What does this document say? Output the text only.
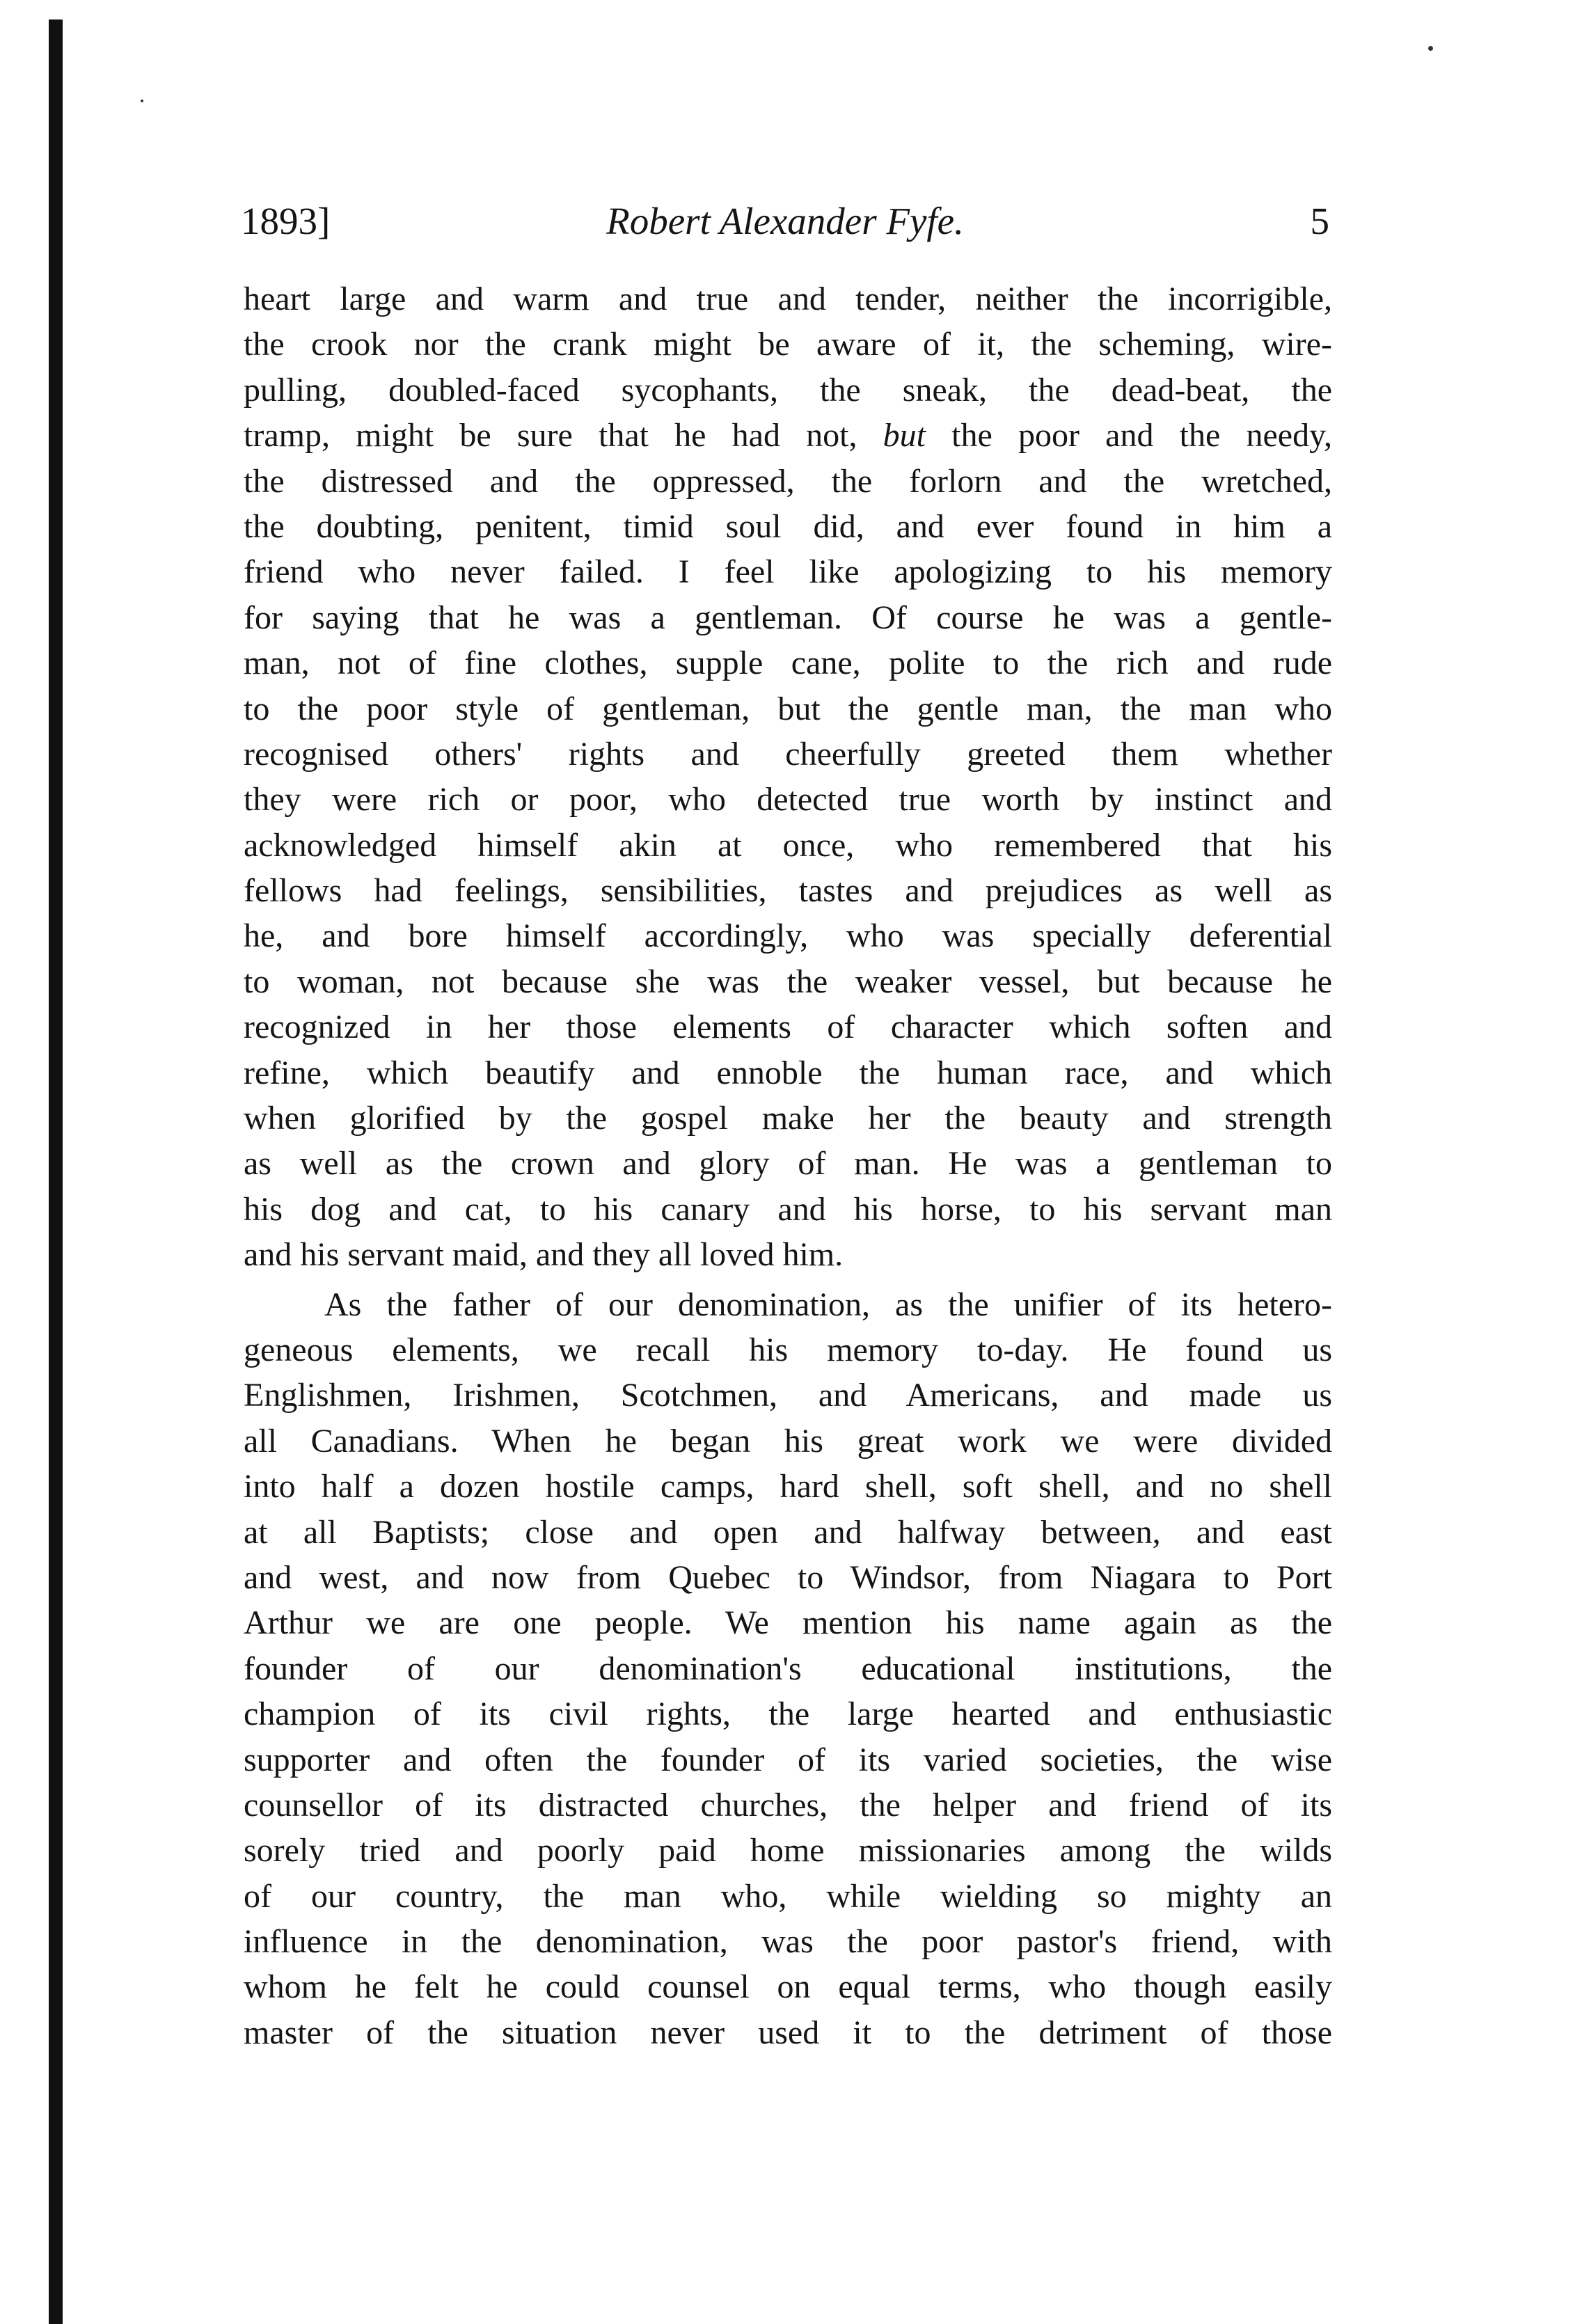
1893]	Robert Alexander Fyfe.	5
heart large and warm and true and tender, neither the incorrigible,
the crook nor the crank might be aware of it, the scheming, wire-
pulling, doubled-faced sycophants, the sneak, the dead-beat, the
tramp, might be sure that he had not, but the poor and the needy,
the distressed and the oppressed, the forlorn and the wretched,
the doubting, penitent, timid soul did, and ever found in him a
friend who never failed. I feel like apologizing to his memory
for saying that he was a gentleman. Of course he was a gentle-
man, not of fine clothes, supple cane, polite to the rich and rude
to the poor style of gentleman, but the gentle man, the man who
recognised others' rights and cheerfully greeted them whether
they were rich or poor, who detected true worth by instinct and
acknowledged himself akin at once, who remembered that his
fellows had feelings, sensibilities, tastes and prejudices as well as
he, and bore himself accordingly, who was specially deferential
to woman, not because she was the weaker vessel, but because he
recognized in her those elements of character which soften and
refine, which beautify and ennoble the human race, and which
when glorified by the gospel make her the beauty and strength
as well as the crown and glory of man. He was a gentleman to
his dog and cat, to his canary and his horse, to his servant man
and his servant maid, and they all loved him.
As the father of our denomination, as the unifier of its hetero-
geneous elements, we recall his memory to-day. He found us
Englishmen, Irishmen, Scotchmen, and Americans, and made us
all Canadians. When he began his great work we were divided
into half a dozen hostile camps, hard shell, soft shell, and no shell
at all Baptists; close and open and halfway between, and east
and west, and now from Quebec to Windsor, from Niagara to Port
Arthur we are one people. We mention his name again as the
founder of our denomination's educational institutions, the
champion of its civil rights, the large hearted and enthusiastic
supporter and often the founder of its varied societies, the wise
counsellor of its distracted churches, the helper and friend of its
sorely tried and poorly paid home missionaries among the wilds
of our country, the man who, while wielding so mighty an
influence in the denomination, was the poor pastor's friend, with
whom he felt he could counsel on equal terms, who though easily
master of the situation never used it to the detriment of those
